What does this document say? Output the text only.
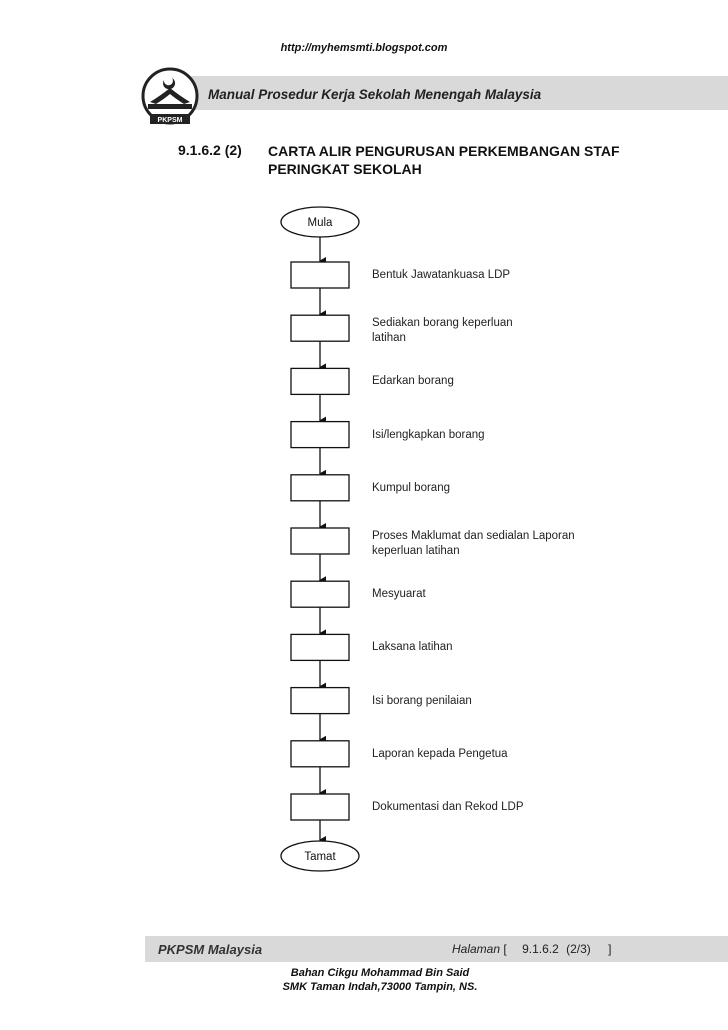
http://myhemsmti.blogspot.com
Manual Prosedur Kerja Sekolah Menengah Malaysia
PKPSM
9.1.6.2 (2) CARTA ALIR PENGURUSAN PERKEMBANGAN STAF
PERINGKAT SEKOLAH
Mula
Tamat
Bentuk Jawatankuasa LDP
Sediakan borang keperluan
latihan
Edarkan borang
Isi/lengkapkan borang
Kumpul borang
Proses Maklumat dan sedialan Laporan
keperluan latihan
Mesyuarat
Laksana latihan
Isi borang penilaian
Laporan kepada Pengetua
Dokumentasi dan Rekod LDP
PKPSM Malaysia	Halaman [ 9.1.6.2 (2/3) ]
Bahan Cikgu Mohammad Bin Said
SMK Taman Indah,73000 Tampin, NS.
